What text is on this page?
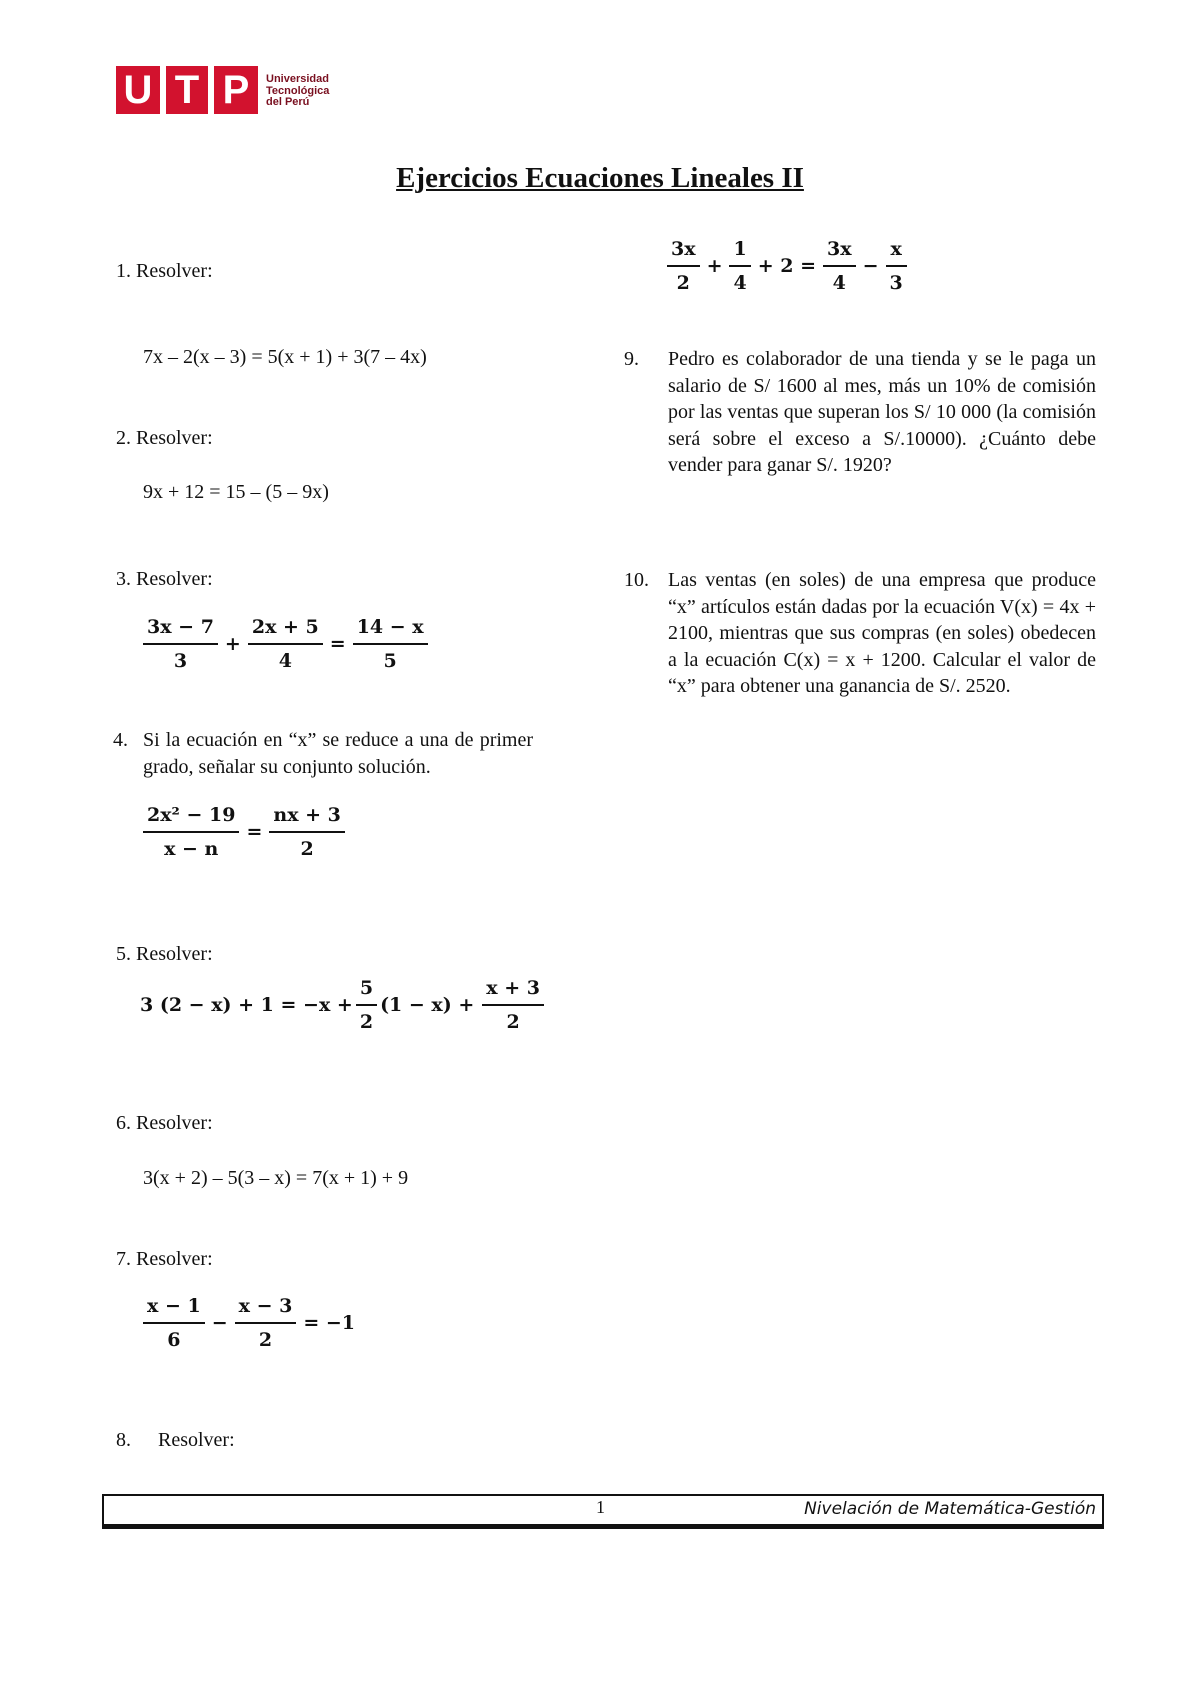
U T P	Universidad
Tecnológica
del Perú
Ejercicios Ecuaciones Lineales II
1. Resolver:
7x – 2(x – 3) = 5(x + 1) + 3(7 – 4x)
2. Resolver:
9x + 12 = 15 – (5 – 9x)
3. Resolver:
$\frac{3x - 7}{3} + \frac{2x + 5}{4} = \frac{14 - x}{5}$
4. Si la ecuación en “x” se reduce a una de primer grado, señalar su conjunto solución.
$\frac{\text{2x² − 19}}{x - n} = \frac{nx + 3}{2}$
5. Resolver:
3 $(2 - x) + 1 = -x + \frac{5}{2} (1 - x) + \frac{x + 3}{2}$
6. Resolver:
3(x + 2) – 5(3 – x) = 7(x + 1) + 9
7. Resolver:
$\frac{x - 1}{6} - \frac{x - 3}{2} = -1$
8. Resolver:
$\frac{3x}{2} + \frac{1}{4} + 2 = \frac{3x}{4} - \frac{x}{3}$
9. Pedro es colaborador de una tienda y se le paga un salario de S/ 1600 al mes, más un 10% de comisión por las ventas que superan los S/ 10 000 (la comisión será sobre el exceso a S/.10000). ¿Cuánto debe vender para ganar S/. 1920?
10. Las ventas (en soles) de una empresa que produce “x” artículos están dadas por la ecuación V(x) = 4x + 2100, mientras que sus compras (en soles) obedecen a la ecuación C(x) = x + 1200. Calcular el valor de “x” para obtener una ganancia de S/. 2520.
1	Nivelación de Matemática-Gestión
